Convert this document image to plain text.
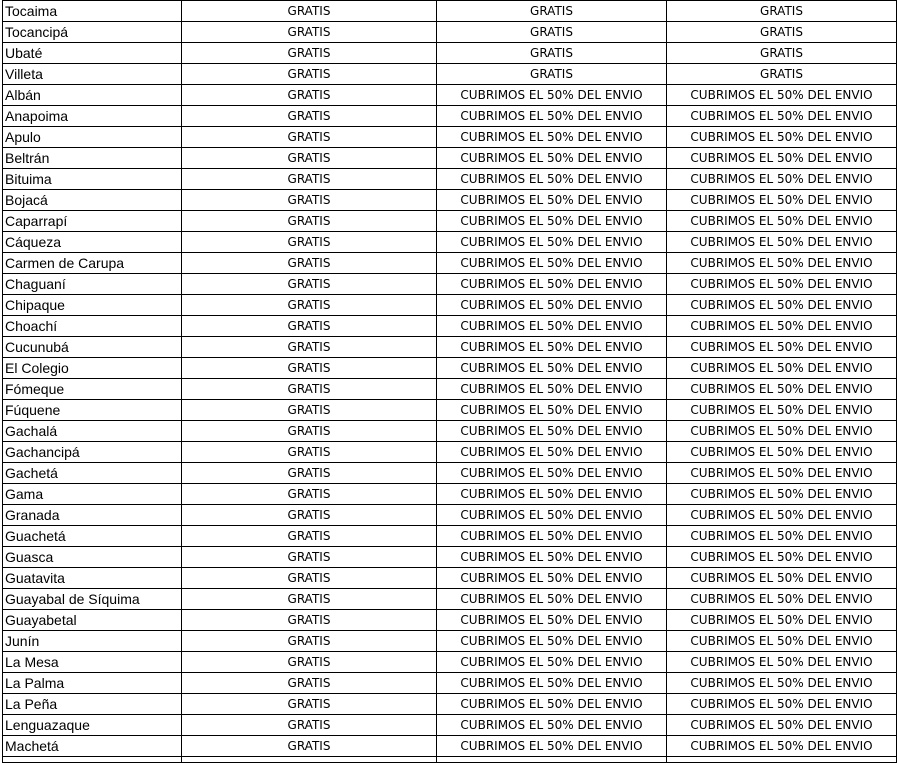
Tocaima	GRATIS	GRATIS	GRATIS
Tocancipá	GRATIS	GRATIS	GRATIS
Ubaté	GRATIS	GRATIS	GRATIS
Villeta	GRATIS	GRATIS	GRATIS
Albán	GRATIS	CUBRIMOS EL 50% DEL ENVIO	CUBRIMOS EL 50% DEL ENVIO
Anapoima	GRATIS	CUBRIMOS EL 50% DEL ENVIO	CUBRIMOS EL 50% DEL ENVIO
Apulo	GRATIS	CUBRIMOS EL 50% DEL ENVIO	CUBRIMOS EL 50% DEL ENVIO
Beltrán	GRATIS	CUBRIMOS EL 50% DEL ENVIO	CUBRIMOS EL 50% DEL ENVIO
Bituima	GRATIS	CUBRIMOS EL 50% DEL ENVIO	CUBRIMOS EL 50% DEL ENVIO
Bojacá	GRATIS	CUBRIMOS EL 50% DEL ENVIO	CUBRIMOS EL 50% DEL ENVIO
Caparrapí	GRATIS	CUBRIMOS EL 50% DEL ENVIO	CUBRIMOS EL 50% DEL ENVIO
Cáqueza	GRATIS	CUBRIMOS EL 50% DEL ENVIO	CUBRIMOS EL 50% DEL ENVIO
Carmen de Carupa	GRATIS	CUBRIMOS EL 50% DEL ENVIO	CUBRIMOS EL 50% DEL ENVIO
Chaguaní	GRATIS	CUBRIMOS EL 50% DEL ENVIO	CUBRIMOS EL 50% DEL ENVIO
Chipaque	GRATIS	CUBRIMOS EL 50% DEL ENVIO	CUBRIMOS EL 50% DEL ENVIO
Choachí	GRATIS	CUBRIMOS EL 50% DEL ENVIO	CUBRIMOS EL 50% DEL ENVIO
Cucunubá	GRATIS	CUBRIMOS EL 50% DEL ENVIO	CUBRIMOS EL 50% DEL ENVIO
El Colegio	GRATIS	CUBRIMOS EL 50% DEL ENVIO	CUBRIMOS EL 50% DEL ENVIO
Fómeque	GRATIS	CUBRIMOS EL 50% DEL ENVIO	CUBRIMOS EL 50% DEL ENVIO
Fúquene	GRATIS	CUBRIMOS EL 50% DEL ENVIO	CUBRIMOS EL 50% DEL ENVIO
Gachalá	GRATIS	CUBRIMOS EL 50% DEL ENVIO	CUBRIMOS EL 50% DEL ENVIO
Gachancipá	GRATIS	CUBRIMOS EL 50% DEL ENVIO	CUBRIMOS EL 50% DEL ENVIO
Gachetá	GRATIS	CUBRIMOS EL 50% DEL ENVIO	CUBRIMOS EL 50% DEL ENVIO
Gama	GRATIS	CUBRIMOS EL 50% DEL ENVIO	CUBRIMOS EL 50% DEL ENVIO
Granada	GRATIS	CUBRIMOS EL 50% DEL ENVIO	CUBRIMOS EL 50% DEL ENVIO
Guachetá	GRATIS	CUBRIMOS EL 50% DEL ENVIO	CUBRIMOS EL 50% DEL ENVIO
Guasca	GRATIS	CUBRIMOS EL 50% DEL ENVIO	CUBRIMOS EL 50% DEL ENVIO
Guatavita	GRATIS	CUBRIMOS EL 50% DEL ENVIO	CUBRIMOS EL 50% DEL ENVIO
Guayabal de Síquima	GRATIS	CUBRIMOS EL 50% DEL ENVIO	CUBRIMOS EL 50% DEL ENVIO
Guayabetal	GRATIS	CUBRIMOS EL 50% DEL ENVIO	CUBRIMOS EL 50% DEL ENVIO
Junín	GRATIS	CUBRIMOS EL 50% DEL ENVIO	CUBRIMOS EL 50% DEL ENVIO
La Mesa	GRATIS	CUBRIMOS EL 50% DEL ENVIO	CUBRIMOS EL 50% DEL ENVIO
La Palma	GRATIS	CUBRIMOS EL 50% DEL ENVIO	CUBRIMOS EL 50% DEL ENVIO
La Peña	GRATIS	CUBRIMOS EL 50% DEL ENVIO	CUBRIMOS EL 50% DEL ENVIO
Lenguazaque	GRATIS	CUBRIMOS EL 50% DEL ENVIO	CUBRIMOS EL 50% DEL ENVIO
Machetá	GRATIS	CUBRIMOS EL 50% DEL ENVIO	CUBRIMOS EL 50% DEL ENVIO
